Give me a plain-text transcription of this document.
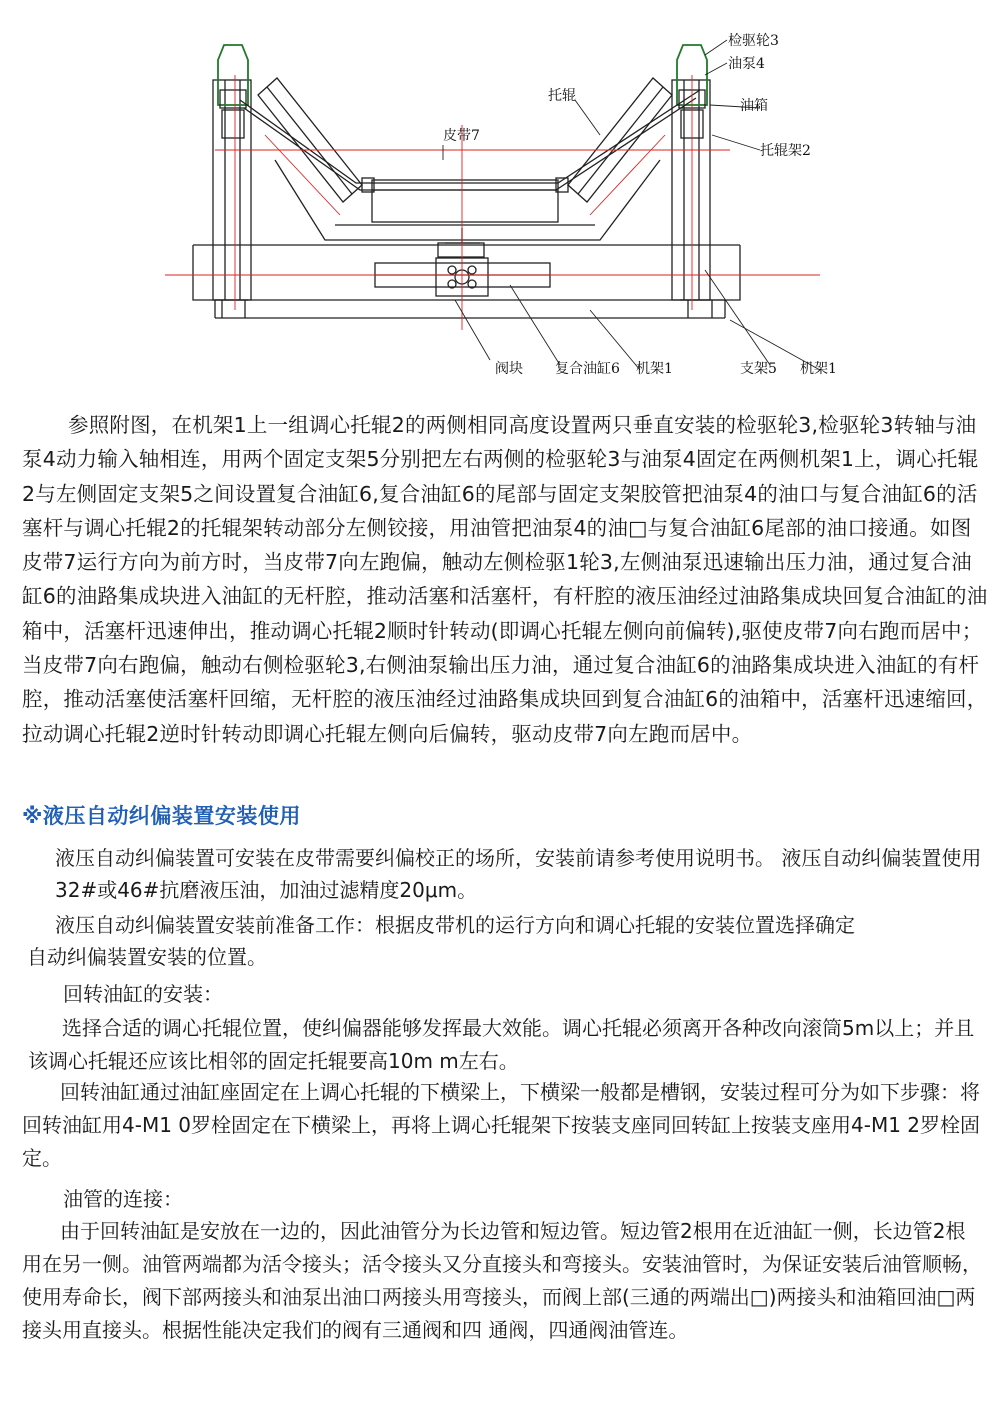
检驱轮3
油泵4
托辊
油箱
皮带7
托辊架2
阀块 复合油缸6 机架1	支架5 机架1

参照附图，在机架1上一组调心托辊2的两侧相同高度设置两只垂直安装的检驱轮3,检驱轮3转轴与油泵4动力输入轴相连，用两个固定支架5分别把左右两侧的检驱轮3与油泵4固定在两侧机架1上，调心托辊2与左侧固定支架5之间设置复合油缸6,复合油缸6的尾部与固定支架胶管把油泵4的油口与复合油缸6的活塞杆与调心托辊2的托辊架转动部分左侧铰接，用油管把油泵4的油□与复合油缸6尾部的油口接通。如图皮带7运行方向为前方时，当皮带7向左跑偏，触动左侧检驱1轮3,左侧油泵迅速输出压力油，通过复合油缸6的油路集成块进入油缸的无杆腔，推动活塞和活塞杆，有杆腔的液压油经过油路集成块回复合油缸的油箱中，活塞杆迅速伸出，推动调心托辊2顺时针转动(即调心托辊左侧向前偏转),驱使皮带7向右跑而居中；当皮带7向右跑偏，触动右侧检驱轮3,右侧油泵输出压力油，通过复合油缸6的油路集成块进入油缸的有杆腔，推动活塞使活塞杆回缩，无杆腔的液压油经过油路集成块回到复合油缸6的油箱中，活塞杆迅速缩回，拉动调心托辊2逆时针转动即调心托辊左侧向后偏转，驱动皮带7向左跑而居中。

※液压自动纠偏装置安装使用

液压自动纠偏装置可安装在皮带需要纠偏校正的场所，安装前请参考使用说明书。 液压自动纠偏装置使用32#或46#抗磨液压油，加油过滤精度20μm。

液压自动纠偏装置安装前准备工作：根据皮带机的运行方向和调心托辊的安装位置选择确定
自动纠偏装置安装的位置。

回转油缸的安装：

选择合适的调心托辊位置，使纠偏器能够发挥最大效能。调心托辊必须离开各种改向滚筒5m以上；并且该调心托辊还应该比相邻的固定托辊要高10m m左右。

回转油缸通过油缸座固定在上调心托辊的下横梁上，下横梁一般都是槽钢，安装过程可分为如下步骤：将回转油缸用4-M1 0罗栓固定在下横梁上，再将上调心托辊架下按装支座同回转缸上按装支座用4-M1 2罗栓固定。

油管的连接：

由于回转油缸是安放在一边的，因此油管分为长边管和短边管。短边管2根用在近油缸一侧，长边管2根用在另一侧。油管两端都为活令接头；活令接头又分直接头和弯接头。安装油管时，为保证安装后油管顺畅，使用寿命长，阀下部两接头和油泵出油口两接头用弯接头，而阀上部(三通的两端出□)两接头和油箱回油□两接头用直接头。根据性能决定我们的阀有三通阀和四 通阀，四通阀油管连。
